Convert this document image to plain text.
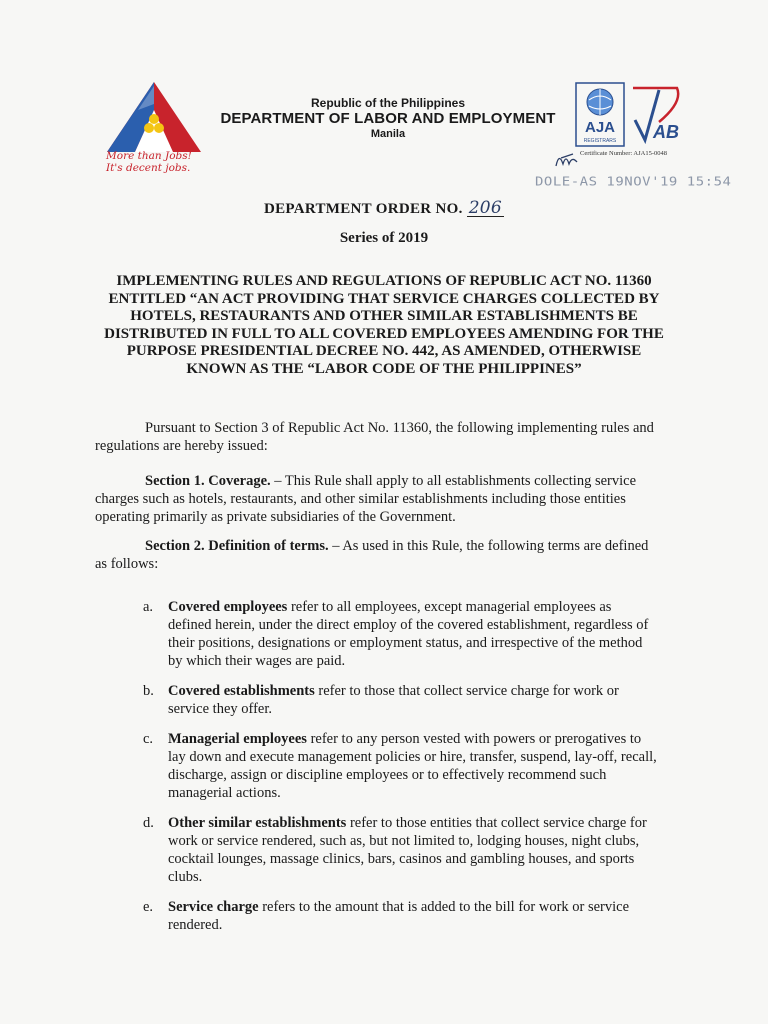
More than Jobs!
It's decent jobs.
Republic of the Philippines
DEPARTMENT OF LABOR AND EMPLOYMENT
Manila	AJA
REGISTRARS AB
Certificate Number: AJA15-0048
DOLE-AS 19NOV'19 15:54
DEPARTMENT ORDER NO. 206
Series of 2019
IMPLEMENTING RULES AND REGULATIONS OF REPUBLIC ACT NO. 11360
ENTITLED “AN ACT PROVIDING THAT SERVICE CHARGES COLLECTED BY
HOTELS, RESTAURANTS AND OTHER SIMILAR ESTABLISHMENTS BE
DISTRIBUTED IN FULL TO ALL COVERED EMPLOYEES AMENDING FOR THE
PURPOSE PRESIDENTIAL DECREE NO. 442, AS AMENDED, OTHERWISE
KNOWN AS THE “LABOR CODE OF THE PHILIPPINES”
Pursuant to Section 3 of Republic Act No. 11360, the following implementing rules and
regulations are hereby issued:
Section 1. Coverage. – This Rule shall apply to all establishments collecting service
charges such as hotels, restaurants, and other similar establishments including those entities
operating primarily as private subsidiaries of the Government.
Section 2. Definition of terms. – As used in this Rule, the following terms are defined
as follows:
a. Covered employees refer to all employees, except managerial employees as
defined herein, under the direct employ of the covered establishment, regardless of
their positions, designations or employment status, and irrespective of the method
by which their wages are paid.
b. Covered establishments refer to those that collect service charge for work or
service they offer.
c. Managerial employees refer to any person vested with powers or prerogatives to
lay down and execute management policies or hire, transfer, suspend, lay-off, recall,
discharge, assign or discipline employees or to effectively recommend such
managerial actions.
d. Other similar establishments refer to those entities that collect service charge for
work or service rendered, such as, but not limited to, lodging houses, night clubs,
cocktail lounges, massage clinics, bars, casinos and gambling houses, and sports
clubs.
e. Service charge refers to the amount that is added to the bill for work or service
rendered.
